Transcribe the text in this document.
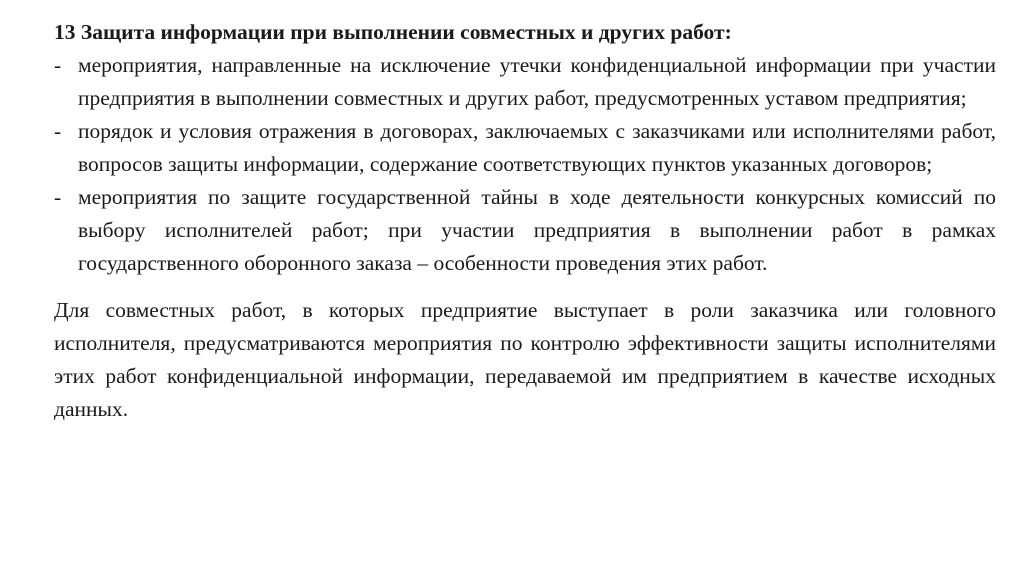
13 Защита информации при выполнении совместных и других работ:
- мероприятия, направленные на исключение утечки конфиденциальной информации при участии предприятия в выполнении совместных и других работ, предусмотренных уставом предприятия;
- порядок и условия отражения в договорах, заключаемых с заказчиками или исполнителями работ, вопросов защиты информации, содержание соответствующих пунктов указанных договоров;
- мероприятия по защите государственной тайны в ходе деятельности конкурсных комиссий по выбору исполнителей работ; при участии предприятия в выполнении работ в рамках государственного оборонного заказа – особенности проведения этих работ.
Для совместных работ, в которых предприятие выступает в роли заказчика или головного исполнителя, предусматриваются мероприятия по контролю эффективности защиты исполнителями этих работ конфиденциальной информации, передаваемой им предприятием в качестве исходных данных.
